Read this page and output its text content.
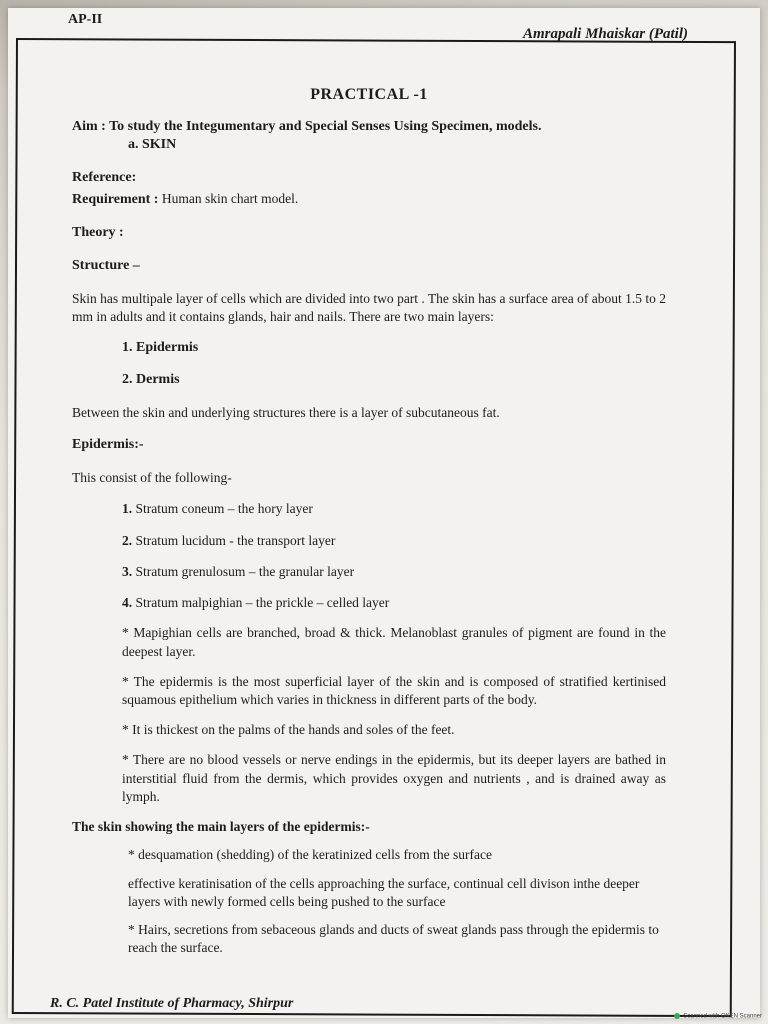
AP-II
Amrapali Mhaiskar (Patil)
PRACTICAL -1
Aim : To study the Integumentary and Special Senses Using Specimen, models.
a. SKIN
Reference:
Requirement : Human skin chart model.
Theory :
Structure –

Skin has multipale layer of cells which are divided into two part . The skin has a surface area of about 1.5 to 2 mm in adults and it contains glands, hair and nails. There are two main layers:

1. Epidermis
2. Dermis

Between the skin and underlying structures there is a layer of subcutaneous fat.

Epidermis:-
This consist of the following-
1. Stratum coneum – the hory layer
2. Stratum lucidum - the transport layer
3. Stratum grenulosum – the granular layer
4. Stratum malpighian – the prickle – celled layer
* Mapighian cells are branched, broad & thick. Melanoblast granules of pigment are found in the deepest layer.
* The epidermis is the most superficial layer of the skin and is composed of stratified kertinised squamous epithelium which varies in thickness in different parts of the body.
* It is thickest on the palms of the hands and soles of the feet.
* There are no blood vessels or nerve endings in the epidermis, but its deeper layers are bathed in interstitial fluid from the dermis, which provides oxygen and nutrients , and is drained away as lymph.
The skin showing the main layers of the epidermis:-
* desquamation (shedding) of the keratinized cells from the surface
effective keratinisation of the cells approaching the surface, continual cell divison inthe deeper layers with newly formed cells being pushed to the surface
* Hairs, secretions from sebaceous glands and ducts of sweat glands pass through the epidermis to reach the surface.
R. C. Patel Institute of Pharmacy, Shirpur
Scanned with OKEN Scanner
